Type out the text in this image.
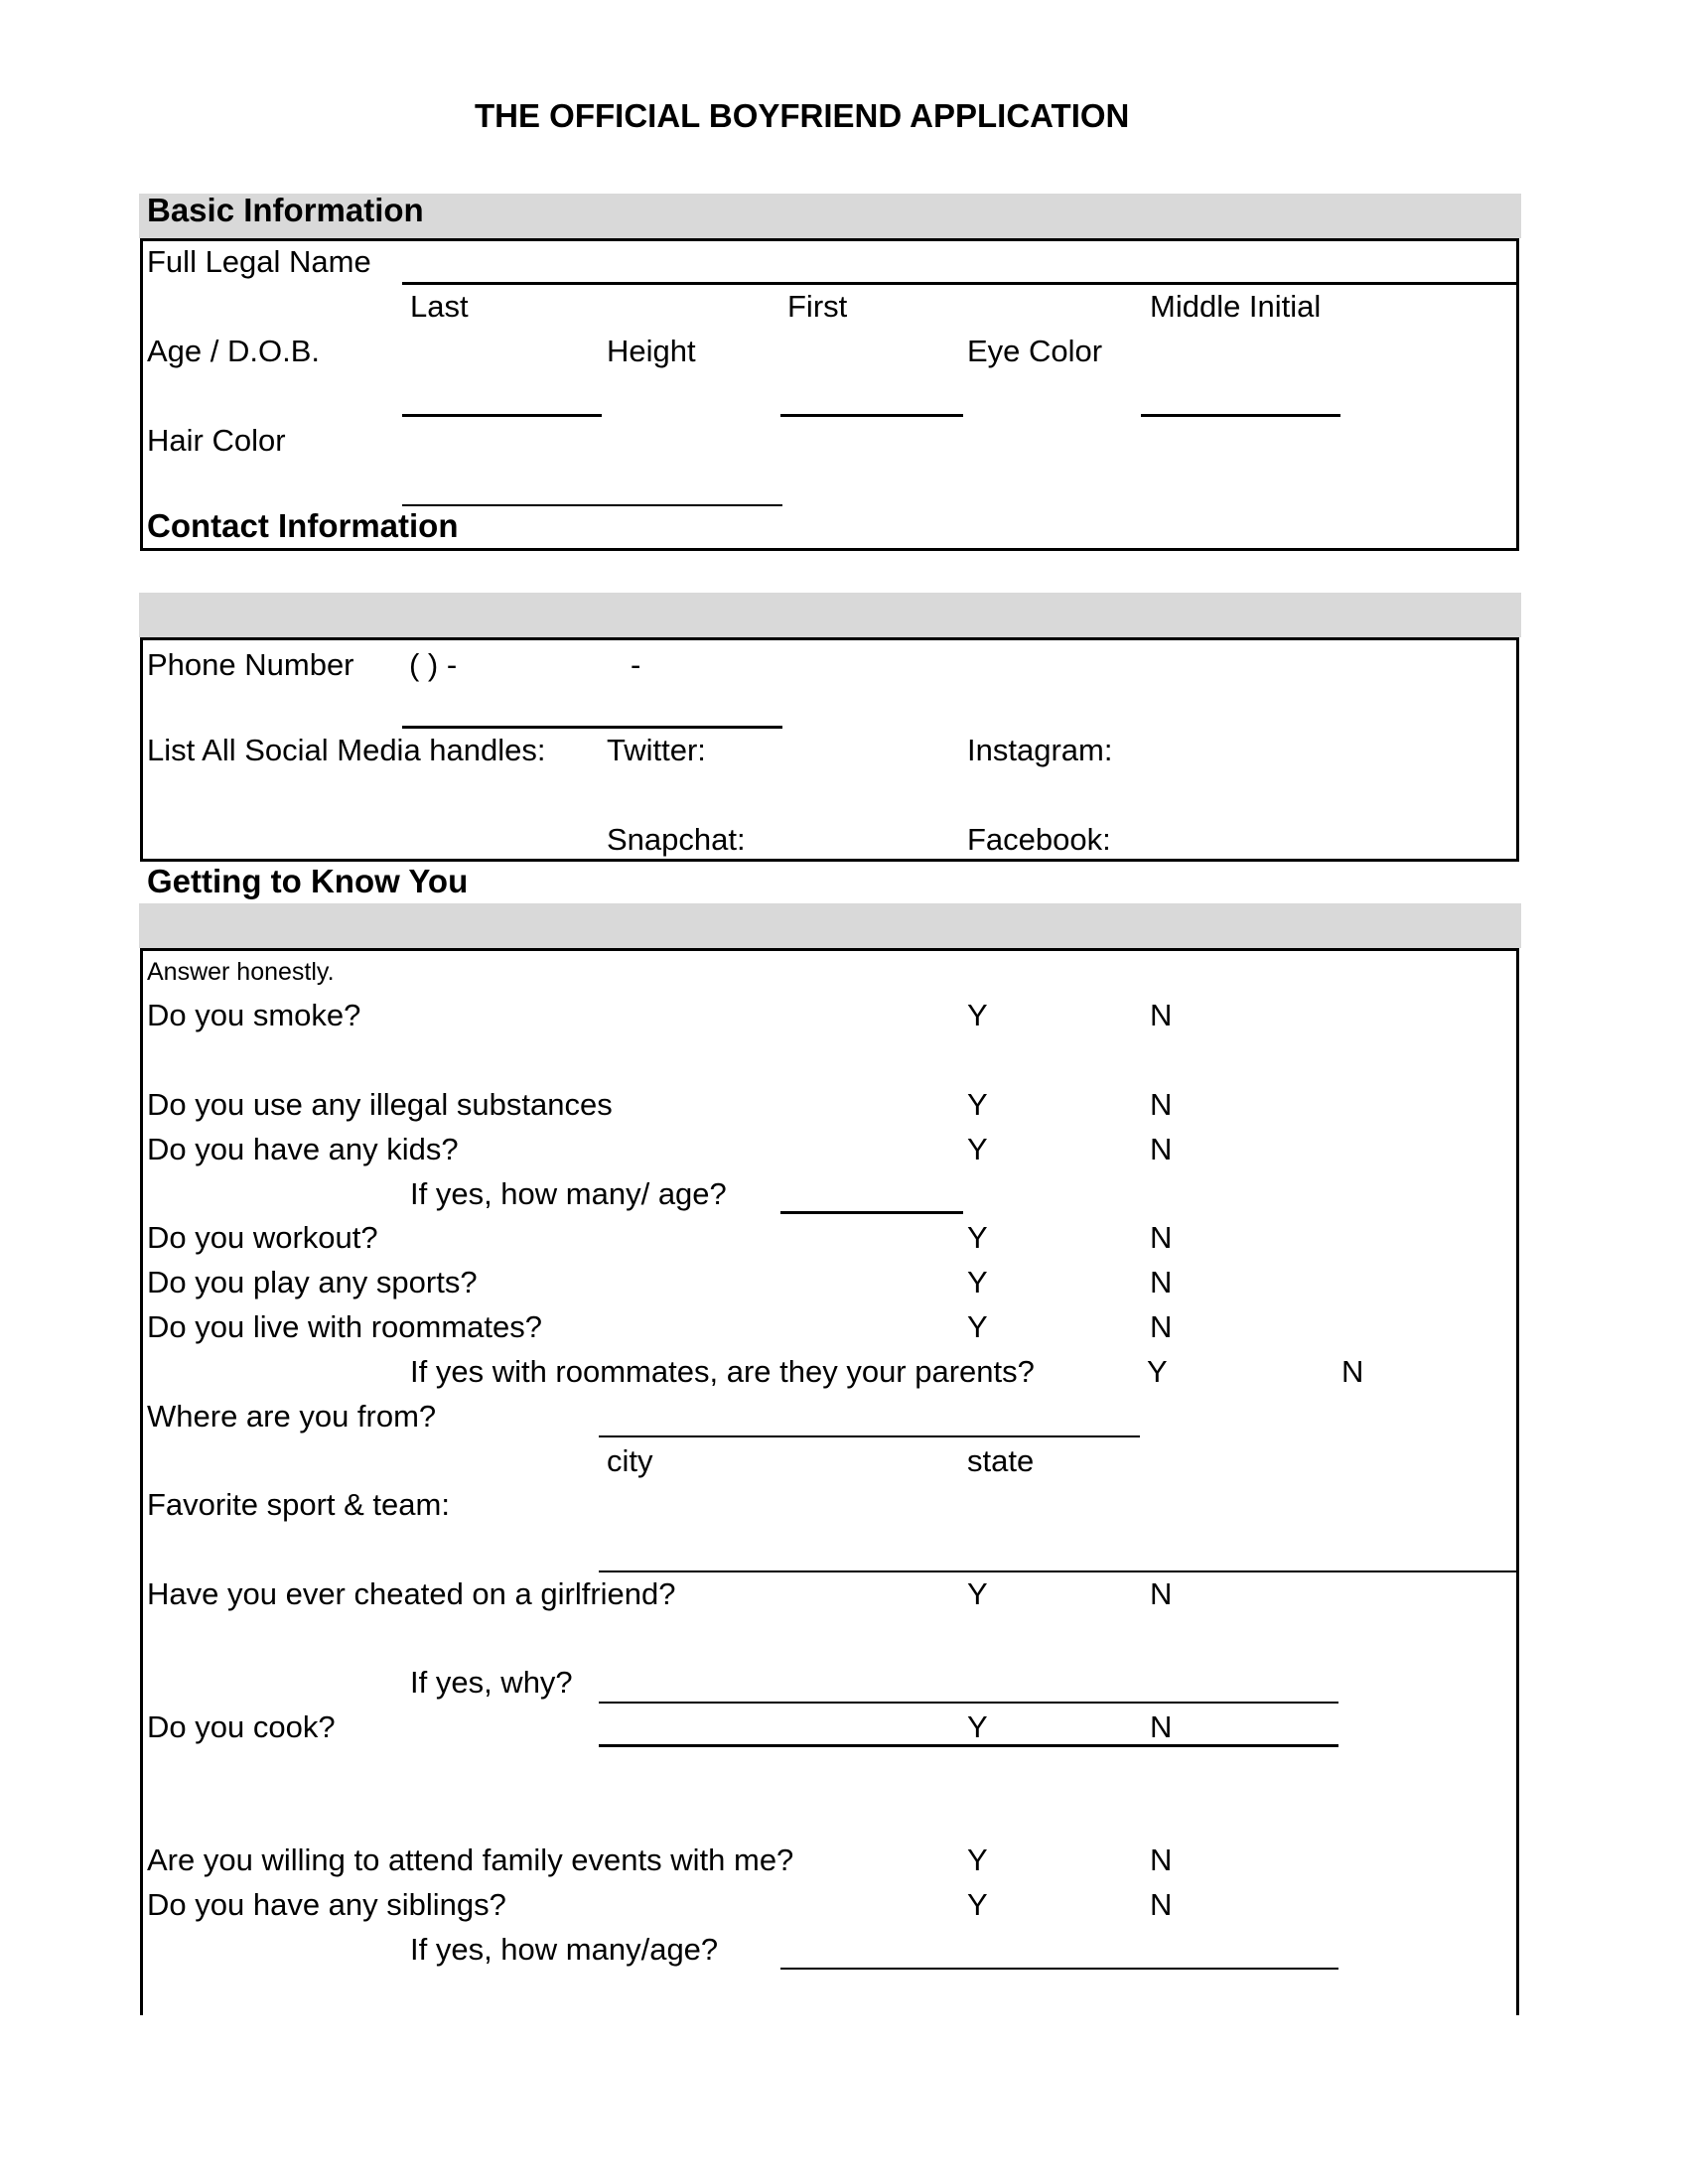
THE OFFICIAL BOYFRIEND APPLICATION
Basic Information
Full Legal Name
Last	First	Middle Initial
Age / D.O.B.	Height	Eye Color
Hair Color
Contact Information
Phone Number ( ) -	-
List All Social Media handles: Twitter:	Instagram:
Snapchat:	Facebook:
Getting to Know You
Answer honestly.
Do you smoke?	Y	N
Do you use any illegal substances	Y	N
Do you have any kids?	Y	N
If yes, how many/ age?
Do you workout?	Y	N
Do you play any sports?	Y	N
Do you live with roommates?	Y	N
If yes with roommates, are they your parents?	Y	N
Where are you from?
city	state
Favorite sport & team:
Have you ever cheated on a girlfriend?	Y	N
If yes, why?
Do you cook?	Y	N
Are you willing to attend family events with me?	Y	N
Do you have any siblings?	Y	N
If yes, how many/age?
